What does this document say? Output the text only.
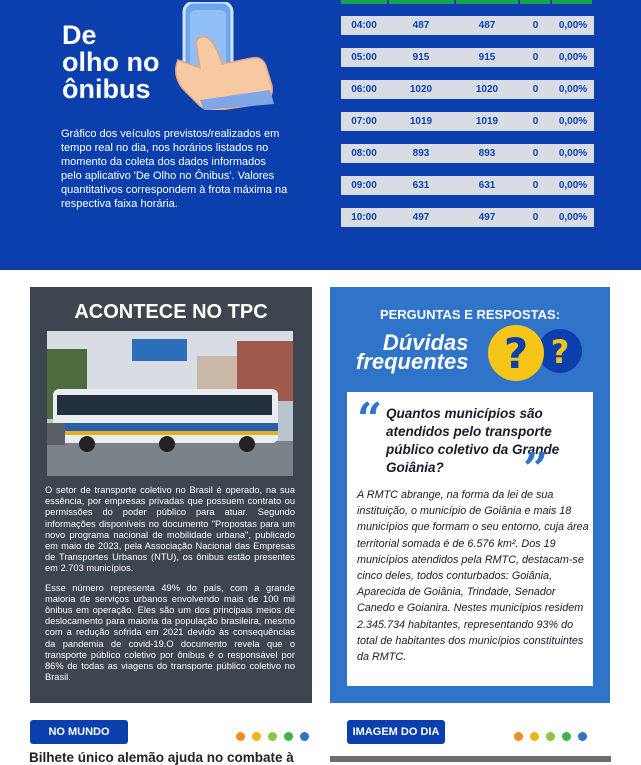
De
olho no
ônibus
Gráfico dos veículos previstos/realizados em tempo real no dia, nos horários listados no momento da coleta dos dados informados pelo aplicativo 'De Olho no Ônibus'. Valores quantitativos correspondem à frota máxima na respectiva faixa horária.
04:00	487	487	0	0,00%
05:00	915	915	0	0,00%
06:00	1020	1020	0	0,00%
07:00	1019	1019	0	0,00%
08:00	893	893	0	0,00%
09:00	631	631	0	0,00%
10:00	497	497	0	0,00%
ACONTECE NO TPC

O setor de transporte coletivo no Brasil é operado, na sua essência, por empresas privadas que possuem contrato ou permissões do poder público para atuar. Segundo informações disponíveis no documento "Propostas para um novo programa nacional de mobilidade urbana", publicado em maio de 2023, pela Associação Nacional das Empresas de Transportes Urbanos (NTU), os ônibus estão presentes em 2.703 municípios.

Esse número representa 49% do país, com a grande maioria de serviços urbanos envolvendo mais de 100 mil ônibus em operação. Eles são um dos principais meios de deslocamento para maioria da população brasileira, mesmo com a redução sofrida em 2021 devido às consequências da pandemia de covid-19.O documento revela que o transporte público coletivo por ônibus é o responsável por 86% de todas as viagens do transporte público coletivo no Brasil.

PERGUNTAS E RESPOSTAS:
Dúvidas
frequentes	?
?
“ Quantos municípios são atendidos pelo transporte público coletivo da Grande Goiânia?	”
A RMTC abrange, na forma da lei de sua instituição, o município de Goiânia e mais 18 municípios que formam o seu entorno, cuja área territorial somada é de 6.576 km². Dos 19 municípios atendidos pela RMTC, destacam-se cinco deles, todos conturbados: Goiânia, Aparecida de Goiânia, Trindade, Senador Canedo e Goianira. Nestes municípios residem 2.345.734 habitantes, representando 93% do total de habitantes dos municípios constituintes da RMTC.
NO MUNDO
Bilhete único alemão ajuda no combate à
IMAGEM DO DIA
